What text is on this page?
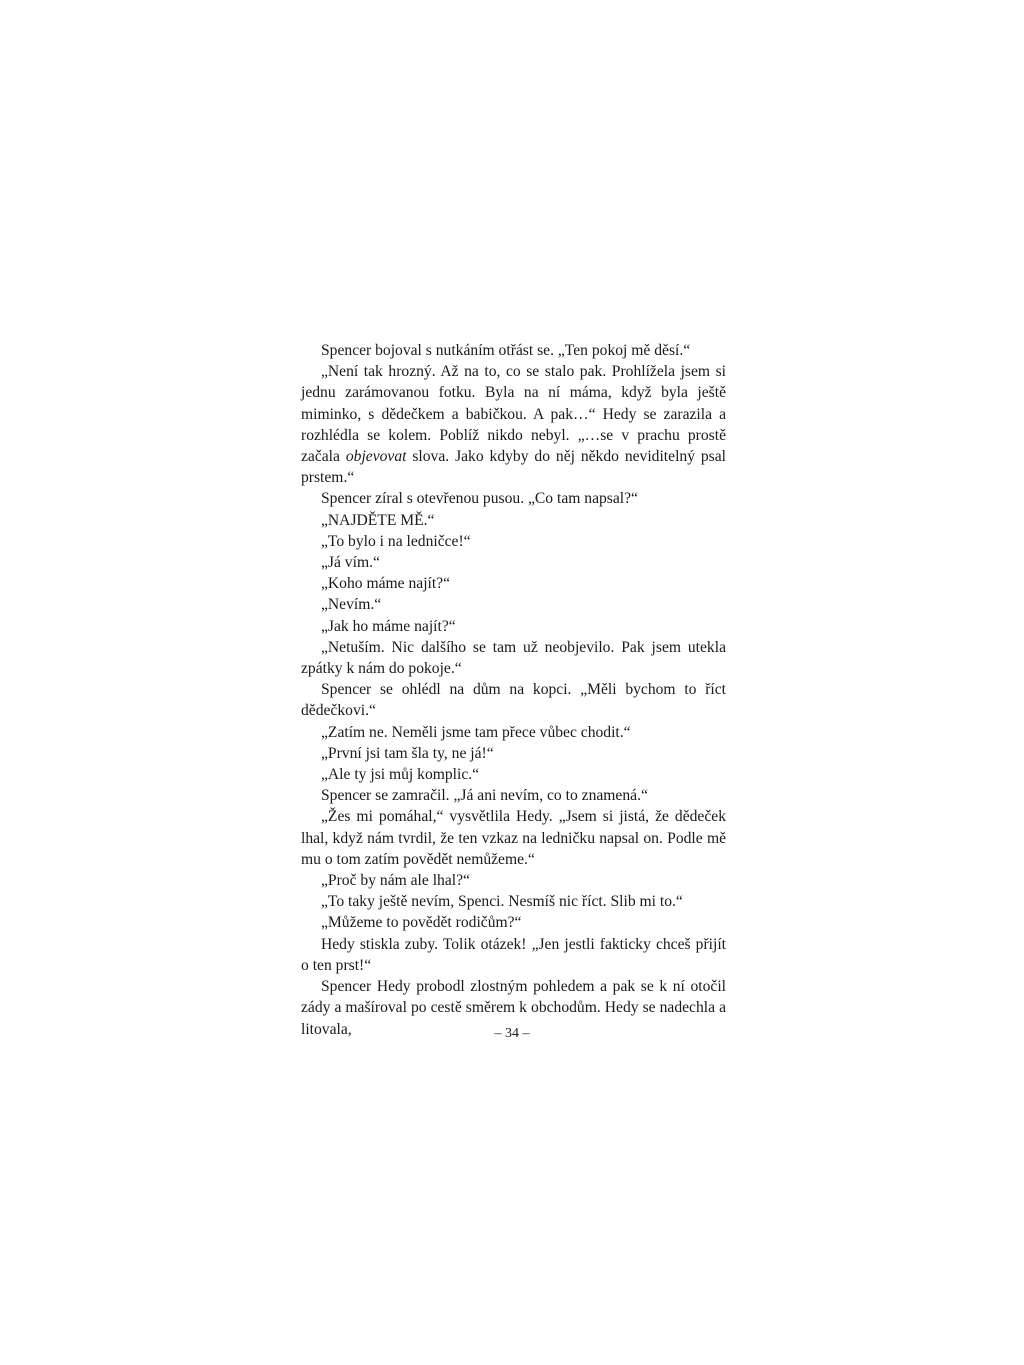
Spencer bojoval s nutkáním otřást se. „Ten pokoj mě děsí.“

„Není tak hrozný. Až na to, co se stalo pak. Prohlížela jsem si jednu zarámovanou fotku. Byla na ní máma, když byla ještě miminko, s dědečkem a babičkou. A pak…“ Hedy se zarazila a rozhlédla se kolem. Poblíž nikdo nebyl. „…se v prachu prostě začala objevovat slova. Jako kdyby do něj někdo neviditelný psal prstem.“

Spencer zíral s otevřenou pusou. „Co tam napsal?“

„NAJDĚTE MĚ.“

„To bylo i na ledničce!“

„Já vím.“

„Koho máme najít?“

„Nevím.“

„Jak ho máme najít?“

„Netuším. Nic dalšího se tam už neobjevilo. Pak jsem utekla zpátky k nám do pokoje.“

Spencer se ohlédl na dům na kopci. „Měli bychom to říct dědečkovi.“

„Zatím ne. Neměli jsme tam přece vůbec chodit.“

„První jsi tam šla ty, ne já!“

„Ale ty jsi můj komplic.“

Spencer se zamračil. „Já ani nevím, co to znamená.“

„Žes mi pomáhal,“ vysvětlila Hedy. „Jsem si jistá, že dědeček lhal, když nám tvrdil, že ten vzkaz na ledničku napsal on. Podle mě mu o tom zatím povědět nemůžeme.“

„Proč by nám ale lhal?“

„To taky ještě nevím, Spenci. Nesmíš nic říct. Slib mi to.“

„Můžeme to povědět rodičům?“

Hedy stiskla zuby. Tolik otázek! „Jen jestli fakticky chceš přijít o ten prst!“

Spencer Hedy probodl zlostným pohledem a pak se k ní otočil zády a mašíroval po cestě směrem k obchodům. Hedy se nadechla a litovala,	– 34 –
